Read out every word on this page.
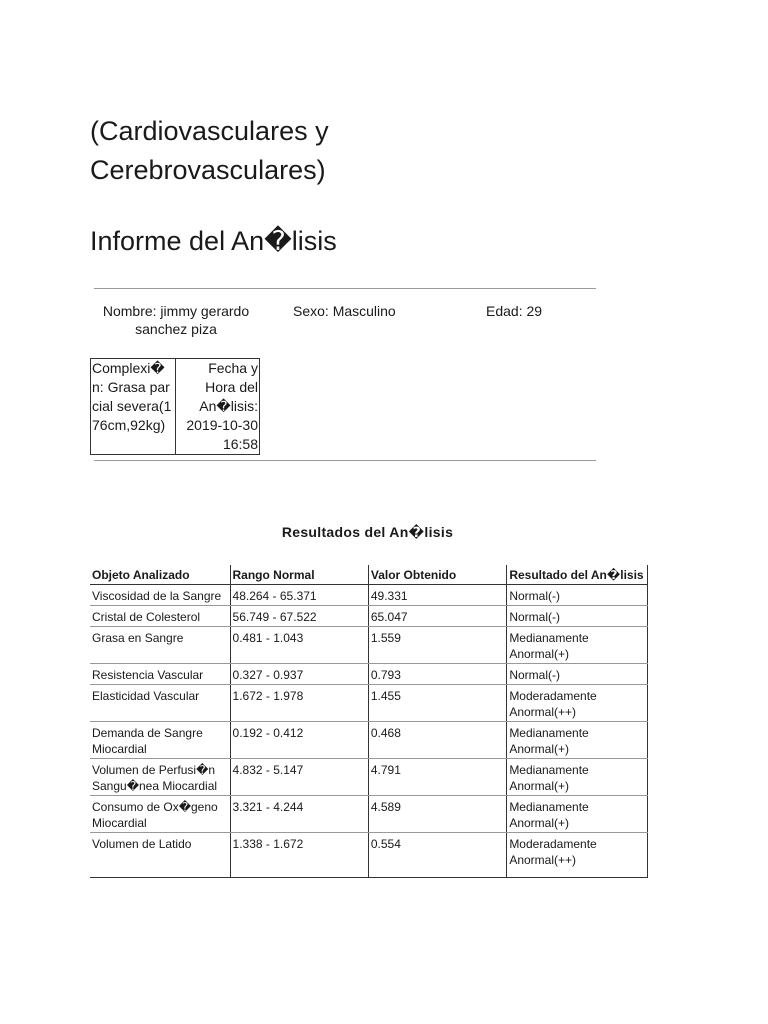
(Cardiovasculares y Cerebrovasculares)
Informe del An�lisis
Nombre: jimmy gerardo sanchez piza
Sexo: Masculino	Edad: 29
Complexi�n: Grasa parcial severa(176cm,92kg)	Fecha y Hora del An�lisis: 2019-10-30 16:58
Resultados del An�lisis
Objeto Analizado	Rango Normal	Valor Obtenido	Resultado del An�lisis
Viscosidad de la Sangre	48.264 - 65.371	49.331	Normal(-)
Cristal de Colesterol	56.749 - 67.522	65.047	Normal(-)
Grasa en Sangre	0.481 - 1.043	1.559	Medianamente Anormal(+)
Resistencia Vascular	0.327 - 0.937	0.793	Normal(-)
Elasticidad Vascular	1.672 - 1.978	1.455	Moderadamente Anormal(++)
Demanda de Sangre Miocardial	0.192 - 0.412	0.468	Medianamente Anormal(+)
Volumen de Perfusi�n Sangu�nea Miocardial	4.832 - 5.147	4.791	Medianamente Anormal(+)
Consumo de Ox�geno Miocardial	3.321 - 4.244	4.589	Medianamente Anormal(+)
Volumen de Latido	1.338 - 1.672	0.554	Moderadamente Anormal(++)
